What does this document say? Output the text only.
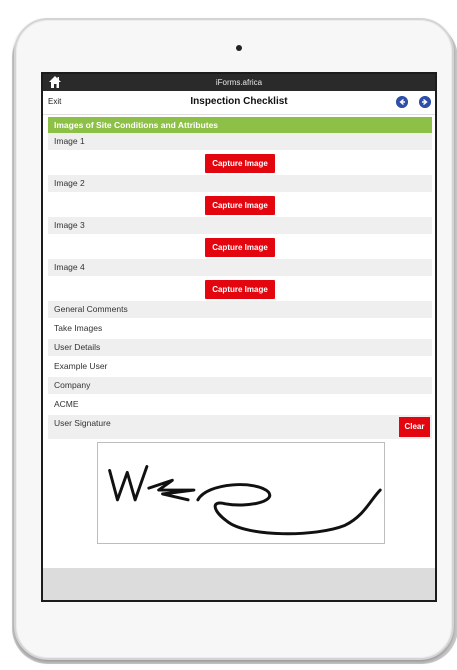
iForms.africa
Exit	Inspection Checklist
Images of Site Conditions and Attributes
Image 1
Capture Image
Image 2
Capture Image
Image 3
Capture Image
Image 4
Capture Image
General Comments
Take Images
User Details
Example User
Company
ACME
User Signature	Clear
